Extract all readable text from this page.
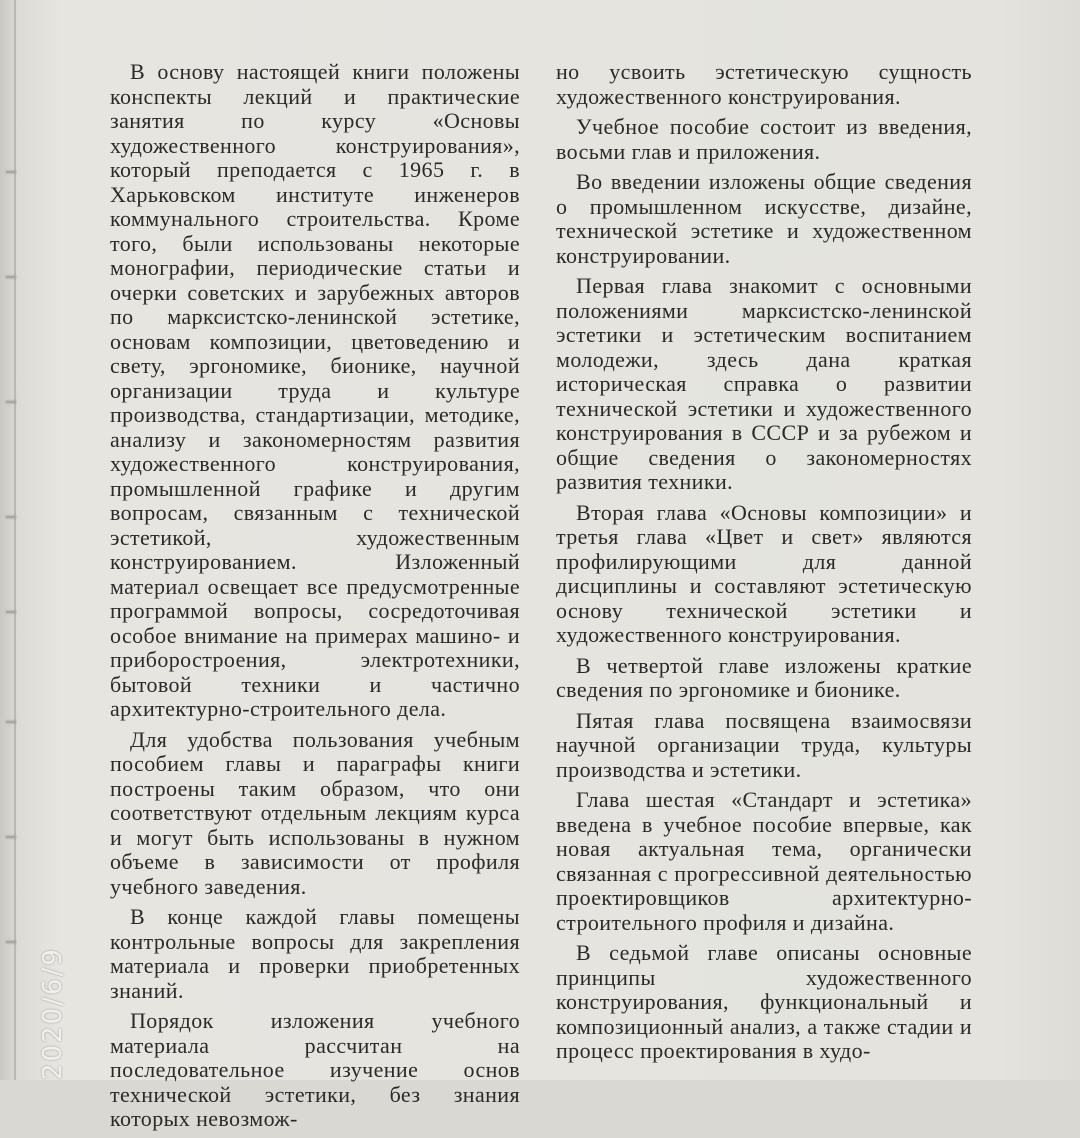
В основу настоящей книги положены конспекты лекций и практические занятия по курсу «Основы художественного конструирования», который преподается с 1965 г. в Харьковском институте инженеров коммунального строительства. Кроме того, были использованы некоторые монографии, периодические статьи и очерки советских и зарубежных авторов по марксистско-ленинской эстетике, основам композиции, цветоведению и свету, эргономике, бионике, научной организации труда и культуре производства, стандартизации, методике, анализу и закономерностям развития художественного конструирования, промышленной графике и другим вопросам, связанным с технической эстетикой, художественным конструированием. Изложенный материал освещает все предусмотренные программой вопросы, сосредоточивая особое внимание на примерах машино- и приборостроения, электротехники, бытовой техники и частично архитектурно-строительного дела.

Для удобства пользования учебным пособием главы и параграфы книги построены таким образом, что они соответствуют отдельным лекциям курса и могут быть использованы в нужном объеме в зависимости от профиля учебного заведения.

В конце каждой главы помещены контрольные вопросы для закрепления материала и проверки приобретенных знаний.

Порядок изложения учебного материала рассчитан на последовательное изучение основ технической эстетики, без знания которых невозмож-

но усвоить эстетическую сущность художественного конструирования.

Учебное пособие состоит из введения, восьми глав и приложения.

Во введении изложены общие сведения о промышленном искусстве, дизайне, технической эстетике и художественном конструировании.

Первая глава знакомит с основными положениями марксистско-ленинской эстетики и эстетическим воспитанием молодежи, здесь дана краткая историческая справка о развитии технической эстетики и художественного конструирования в СССР и за рубежом и общие сведения о закономерностях развития техники.

Вторая глава «Основы композиции» и третья глава «Цвет и свет» являются профилирующими для данной дисциплины и составляют эстетическую основу технической эстетики и художественного конструирования.

В четвертой главе изложены краткие сведения по эргономике и бионике.

Пятая глава посвящена взаимосвязи научной организации труда, культуры производства и эстетики.

Глава шестая «Стандарт и эстетика» введена в учебное пособие впервые, как новая актуальная тема, органически связанная с прогрессивной деятельностью проектировщиков архитектурно-строительного профиля и дизайна.

В седьмой главе описаны основные принципы художественного конструирования, функциональный и композиционный анализ, а также стадии и процесс проектирования в худо-

2020/6/9
